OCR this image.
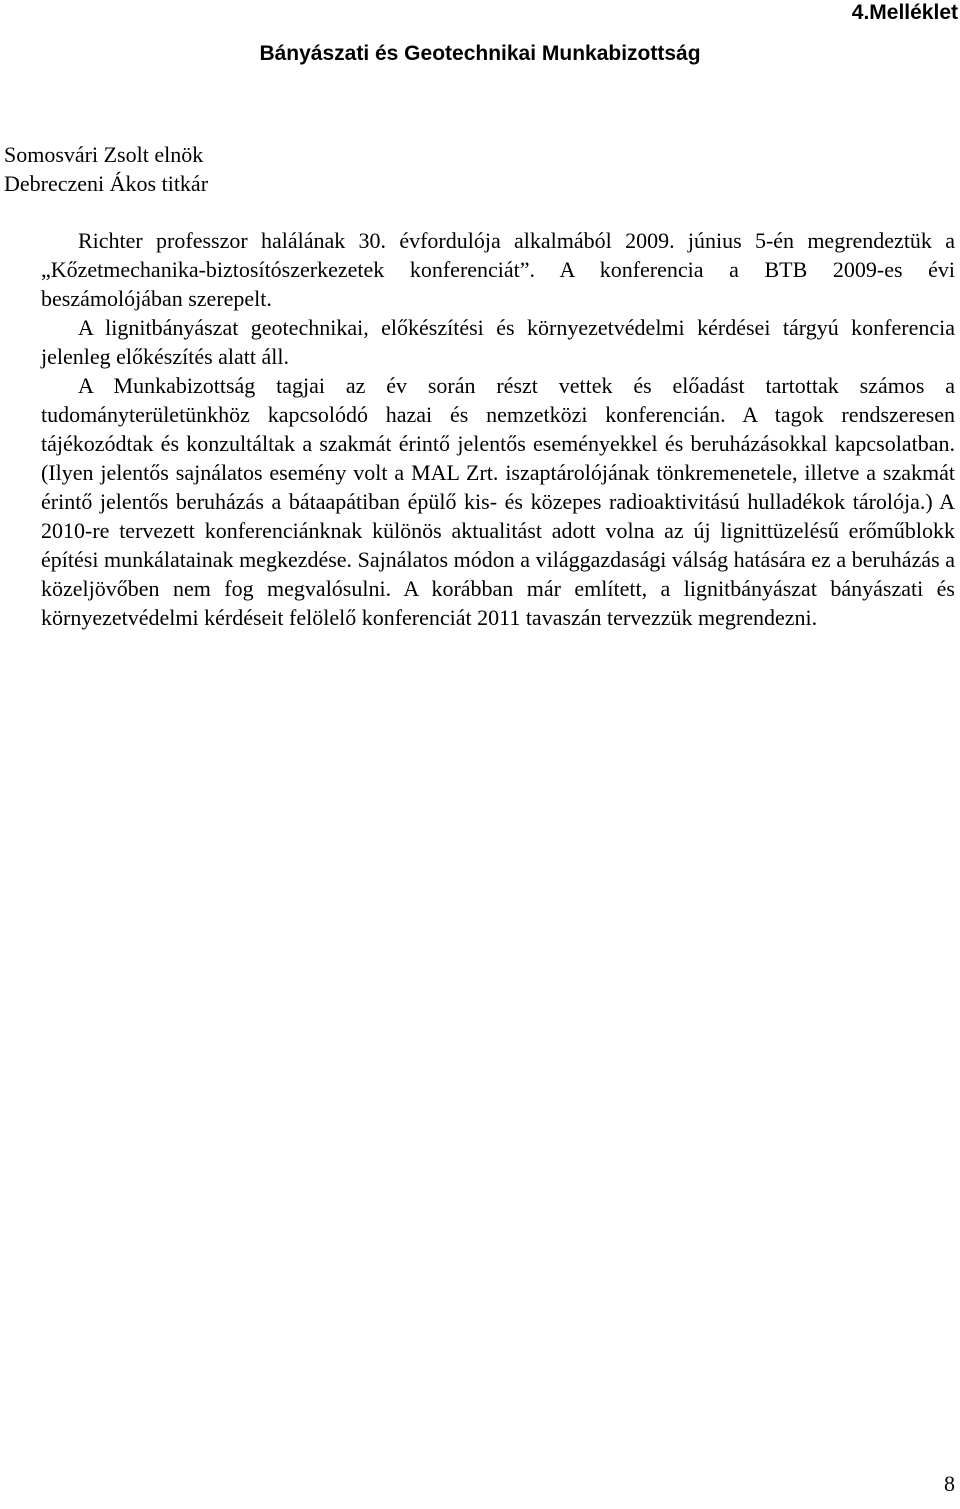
4.Melléklet
Bányászati és Geotechnikai Munkabizottság
Somosvári Zsolt elnök
Debreczeni Ákos titkár

Richter professzor halálának 30. évfordulója alkalmából 2009. június 5-én megrendeztük a „Kőzetmechanika-biztosítószerkezetek konferenciát”. A konferencia a BTB 2009-es évi beszámolójában szerepelt.

A lignitbányászat geotechnikai, előkészítési és környezetvédelmi kérdései tárgyú konferencia jelenleg előkészítés alatt áll.

A Munkabizottság tagjai az év során részt vettek és előadást tartottak számos a tudományterületünkhöz kapcsolódó hazai és nemzetközi konferencián. A tagok rendszeresen tájékozódtak és konzultáltak a szakmát érintő jelentős eseményekkel és beruházásokkal kapcsolatban. (Ilyen jelentős sajnálatos esemény volt a MAL Zrt. iszaptárolójának tönkremenetele, illetve a szakmát érintő jelentős beruházás a bátaapátiban épülő kis- és közepes radioaktivitású hulladékok tárolója.) A 2010-re tervezett konferenciánknak különös aktualitást adott volna az új lignittüzelésű erőműblokk építési munkálatainak megkezdése. Sajnálatos módon a világgazdasági válság hatására ez a beruházás a közeljövőben nem fog megvalósulni. A korábban már említett, a lignitbányászat bányászati és környezetvédelmi kérdéseit felölelő konferenciát 2011 tavaszán tervezzük megrendezni.

8
